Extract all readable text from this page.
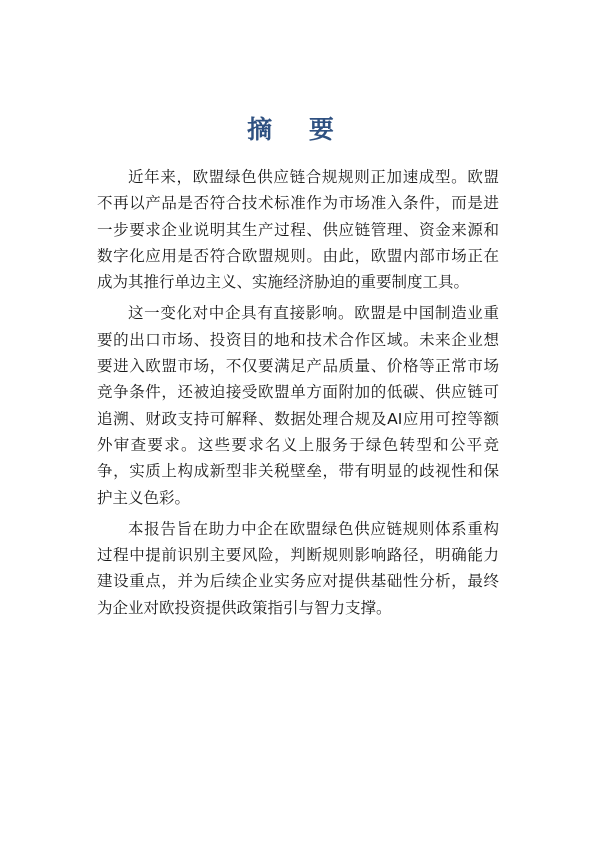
摘 要

近年来，欧盟绿色供应链合规规则正加速成型。欧盟不再以产品是否符合技术标准作为市场准入条件，而是进一步要求企业说明其生产过程、供应链管理、资金来源和数字化应用是否符合欧盟规则。由此，欧盟内部市场正在成为其推行单边主义、实施经济胁迫的重要制度工具。

这一变化对中企具有直接影响。欧盟是中国制造业重要的出口市场、投资目的地和技术合作区域。未来企业想要进入欧盟市场，不仅要满足产品质量、价格等正常市场竞争条件，还被迫接受欧盟单方面附加的低碳、供应链可追溯、财政支持可解释、数据处理合规及AI应用可控等额外审查要求。这些要求名义上服务于绿色转型和公平竞争，实质上构成新型非关税壁垒，带有明显的歧视性和保护主义色彩。

本报告旨在助力中企在欧盟绿色供应链规则体系重构过程中提前识别主要风险，判断规则影响路径，明确能力建设重点，并为后续企业实务应对提供基础性分析，最终为企业对欧投资提供政策指引与智力支撑。
